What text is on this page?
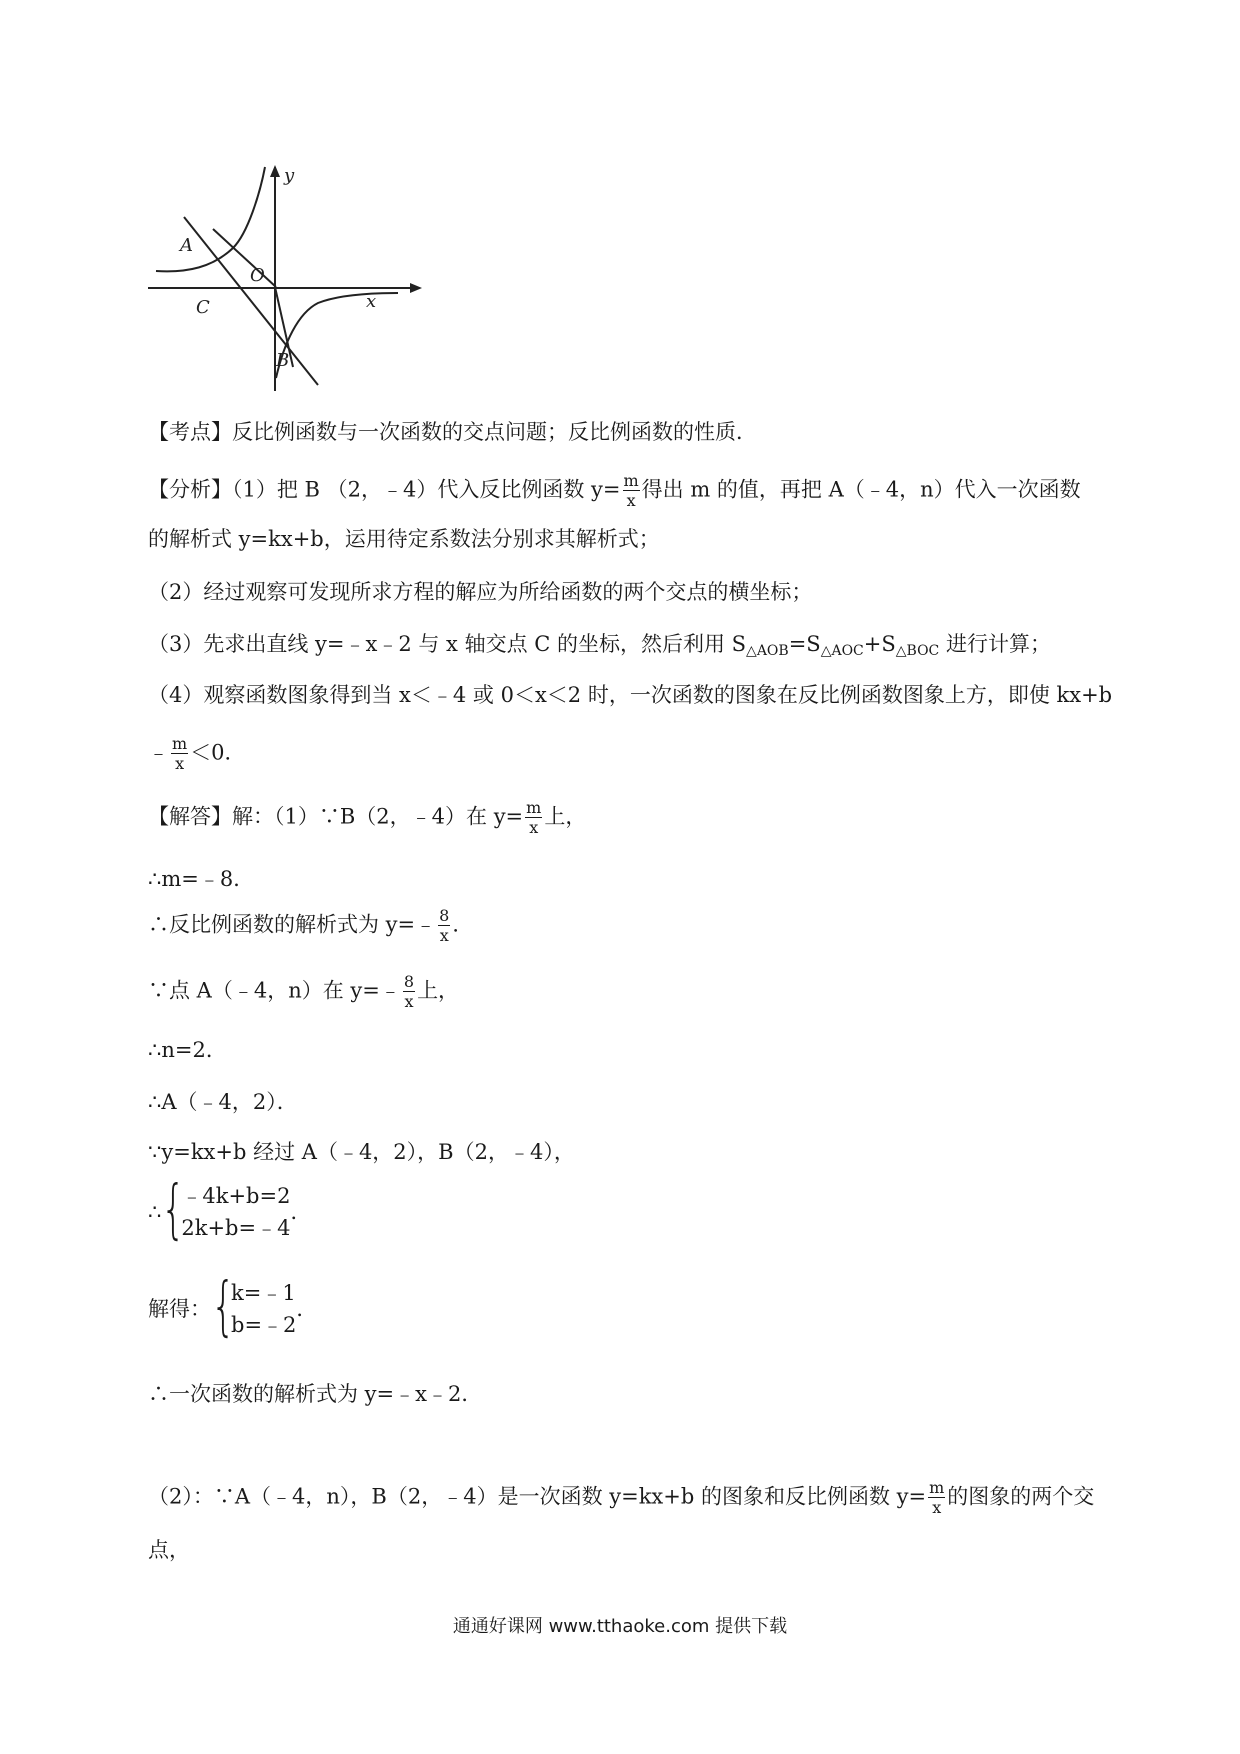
y
x
A
O
C
B
【考点】反比例函数与一次函数的交点问题；反比例函数的性质．
【分析】（1）把 B （2，﹣4）代入反比例函数 $y= \frac{m}{x}$ 得出 m 的值，再把 A（﹣4，n）代入一次函数
的解析式 y=kx+b，运用待定系数法分别求其解析式；
（2）经过观察可发现所求方程的解应为所给函数的两个交点的横坐标；
（3）先求出直线 y=﹣x﹣2 与 x 轴交点 C 的坐标，然后利用 $S_{\triangle AOB}=S_{\triangle AOC}+S_{\triangle BOC}$ 进行计算；
（4）观察函数图象得到当 x＜﹣4 或 0＜x＜2 时，一次函数的图象在反比例函数图象上方，即使 kx+b
﹣ $\frac{m}{x} <0$．
【解答】解：（1）∵B（2，﹣4）在 $y= \frac{m}{x}$ 上，
∴m=﹣8．
∴反比例函数的解析式为 y=﹣ $\frac{8}{x}$ ．
∵点 A（﹣4，n）在 y=﹣ $\frac{8}{x}$ 上，
∴n=2．
∴A（﹣4，2）．
∵y=kx+b 经过 A（﹣4，2），B（2，﹣4），
∴ {
﹣4k+b=2
2k+b=﹣4
．
解得： {
k=﹣1
b=﹣2
．
∴一次函数的解析式为 y=﹣x﹣2．
（2）：∵A（﹣4，n），B（2，﹣4）是一次函数 y=kx+b 的图象和反比例函数 $y= \frac{m}{x}$ 的图象的两个交
点，
通通好课网 www.tthaoke.com 提供下载
